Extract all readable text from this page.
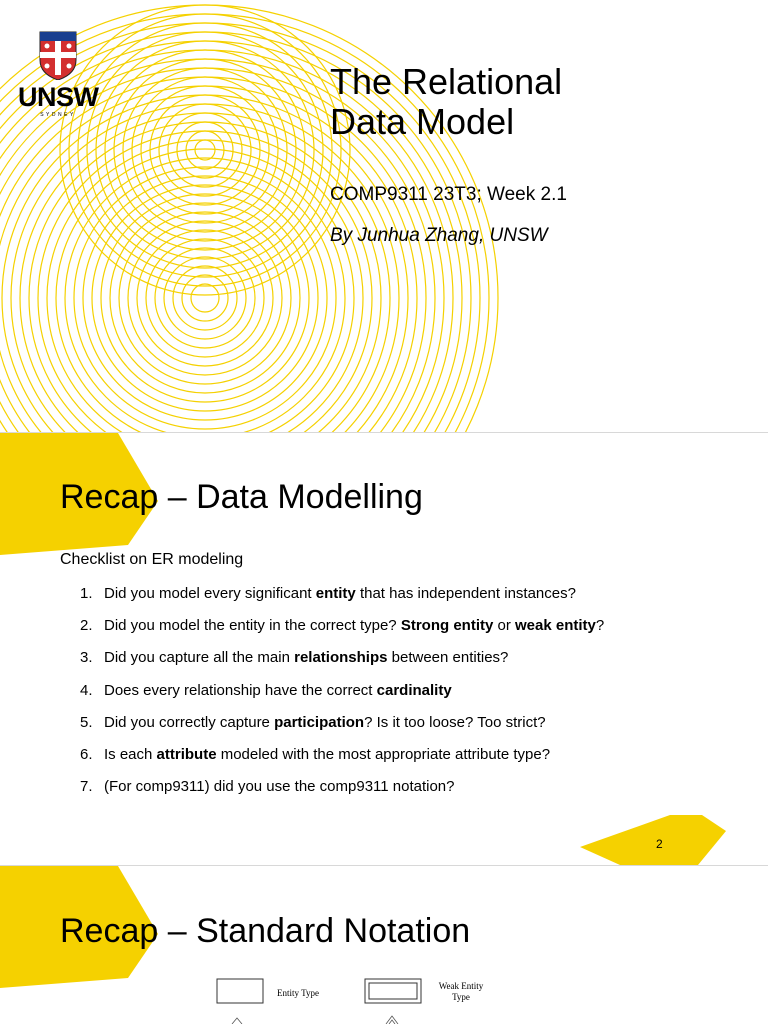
UNSW
SYDNEY
The Relational
Data Model
COMP9311 23T3; Week 2.1
By Junhua Zhang, UNSW
Recap – Data Modelling
Checklist on ER modeling
1. Did you model every significant entity that has independent instances?
2. Did you model the entity in the correct type? Strong entity or weak entity?
3. Did you capture all the main relationships between entities?
4. Does every relationship have the correct cardinality
5. Did you correctly capture participation? Is it too loose? Too strict?
6. Is each attribute modeled with the most appropriate attribute type?
7. (For comp9311) did you use the comp9311 notation?
2
Recap – Standard Notation
Entity Type
Weak Entity
Type
